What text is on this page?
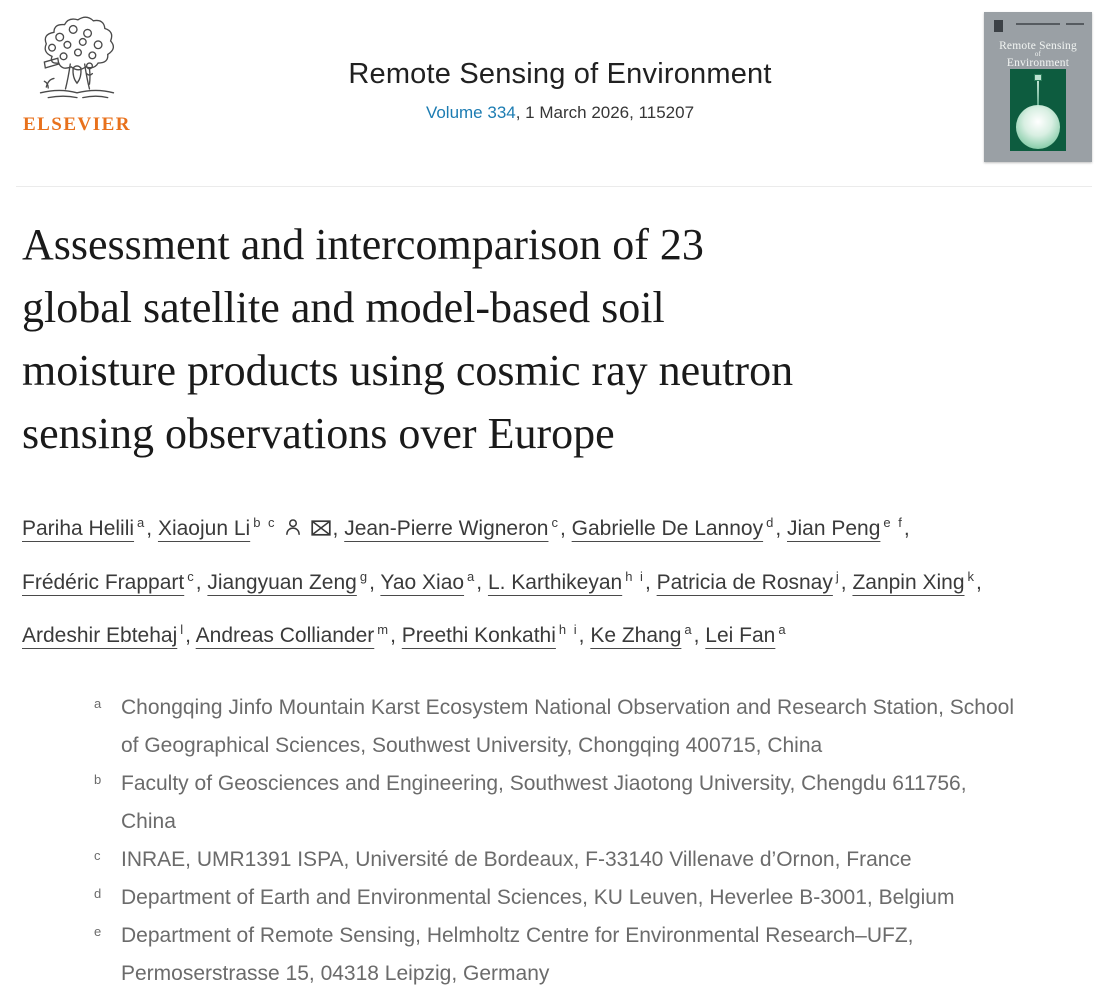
ELSEVIER
Remote Sensing of Environment
Volume 334, 1 March 2026, 115207
Remote Sensing
of
Environment
Assessment and intercomparison of 23
global satellite and model-based soil
moisture products using cosmic ray neutron
sensing observations over Europe
Pariha Helili $^a$, Xiaojun Li $^{b c}$	, Jean-Pierre Wigneron $^c$, Gabrielle De Lannoy $^d$, Jian Peng $^{e f}$, Frédéric Frappart $^c$, Jiangyuan Zeng $^g$, Yao Xiao $^a$, L. Karthikeyan $^{h i}$, Patricia de Rosnay $^j$, Zanpin Xing $^k$, Ardeshir Ebtehaj $^l$, Andreas Colliander $^m$, Preethi Konkathi $^{h i}$, Ke Zhang $^a$, Lei Fan $^a$
a Chongqing Jinfo Mountain Karst Ecosystem National Observation and Research Station, School of Geographical Sciences, Southwest University, Chongqing 400715, China
b Faculty of Geosciences and Engineering, Southwest Jiaotong University, Chengdu 611756, China
c INRAE, UMR1391 ISPA, Université de Bordeaux, F-33140 Villenave d’Ornon, France
d Department of Earth and Environmental Sciences, KU Leuven, Heverlee B-3001, Belgium
e Department of Remote Sensing, Helmholtz Centre for Environmental Research–UFZ, Permoserstrasse 15, 04318 Leipzig, Germany
